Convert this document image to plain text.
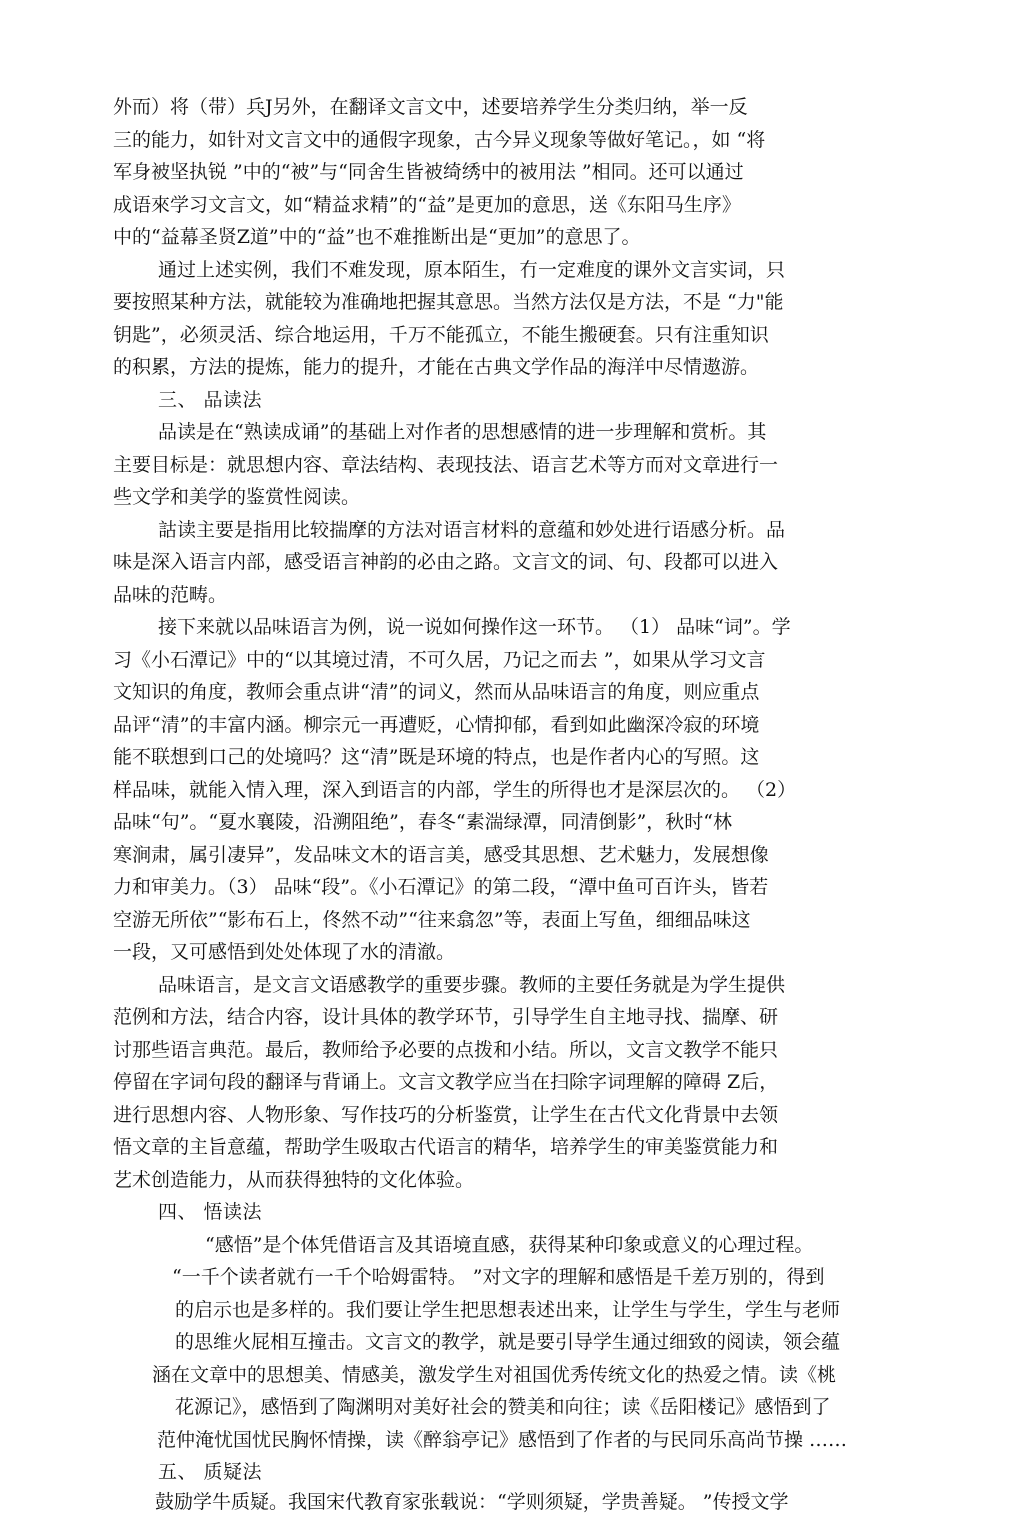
外而）将（带）兵J另外，在翻译文言文中，述要培养学生分类归纳，举一反
三的能力，如针对文言文中的通假字现象，古今异义现象等做好笔记。，如 “将
军身被坚执锐 ”中的“被”与“同舍生皆被绮绣中的被用法 ”相同。还可以通过
成语來学习文言文，如“精益求精”的“益”是更加的意思，送《东阳马生序》
中的“益幕圣贤Z道”中的“益”也不难推断出是“更加”的意思了。
通过上述实例，我们不难发现，原本陌生，冇一定难度的课外文言实词，只
要按照某种方法，就能较为准确地把握其意思。当然方法仅是方法，不是 “力"能
钥匙”，必须灵活、综合地运用，千万不能孤立，不能生搬硬套。只有注重知识
的积累，方法的提炼，能力的提升，才能在古典文学作品的海洋中尽情遨游。
三、 品读法
品读是在“熟读成诵”的基础上对作者的思想感情的进一步理解和赏析。其
主要目标是：就思想内容、章法结构、表现技法、语言艺术等方而对文章进行一
些文学和美学的鉴赏性阅读。
詁读主要是指用比较揣摩的方法对语言材料的意蕴和妙处进行语感分析。品
味是深入语言内部，感受语言神韵的必由之路。文言文的词、句、段都可以进入
品味的范畴。
接下来就以品味语言为例，说一说如何操作这一环节。 （1） 品味“词”。学
习《小石潭记》中的“以其境过清，不可久居，乃记之而去 ”，如果从学习文言
文知识的角度，教师会重点讲“清”的词义，然而从品味语言的角度，则应重点
品评“清”的丰富内涵。柳宗元一再遭贬，心情抑郁，看到如此幽深冷寂的环境
能不联想到口己的处境吗？这“清”既是环境的特点，也是作者内心的写照。这
样品味，就能入情入理，深入到语言的内部，学生的所得也才是深层次的。 （2）
品味“句”。“夏水襄陵，沿溯阻绝”，春冬“素湍绿潭，同清倒影”，秋时“林
寒涧肃，属引凄异”，发品味文木的语言美，感受其思想、艺术魅力，发展想像
力和审美力。（3） 品味“段”。《小石潭记》的第二段，“潭中鱼可百许头，皆若
空游无所依”“影布石上，佟然不动”“往来翕忽”等，表面上写鱼，细细品味这
一段，又可感悟到处处体现了水的清澈。
品味语言，是文言文语感教学的重要步骤。教师的主要任务就是为学生提供
范例和方法，结合内容，设计具体的教学环节，引导学生自主地寻找、揣摩、研
讨那些语言典范。最后，教师给予必要的点拨和小结。所以，文言文教学不能只
停留在字词句段的翻译与背诵上。文言文教学应当在扫除字词理解的障碍 Z后，
进行思想内容、人物形象、写作技巧的分析鉴赏，让学生在古代文化背景中去领
悟文章的主旨意蕴，帮助学生吸取古代语言的精华，培养学生的审美鉴赏能力和
艺术创造能力，从而获得独特的文化体验。
四、 悟读法
“感悟”是个体凭借语言及其语境直感，获得某种印象或意义的心理过程。
“一千个读者就冇一千个哈姆雷特。 ”对文字的理解和感悟是千差万别的，得到
的启示也是多样的。我们要让学生把思想表述出来，让学生与学生，学生与老师
的思维火屁相互撞击。文言文的教学，就是要引导学生通过细致的阅读，领会蕴
涵在文章中的思想美、情感美，激发学生对祖国优秀传统文化的热爱之情。读《桃
花源记》，感悟到了陶渊明对美好社会的赞美和向往；读《岳阳楼记》感悟到了
范仲淹忧国忧民胸怀情操，读《醉翁亭记》感悟到了作者的与民同乐高尚节操 ……
五、 质疑法
鼓励学牛质疑。我国宋代教育家张载说：“学则须疑，学贵善疑。 ”传授文学
